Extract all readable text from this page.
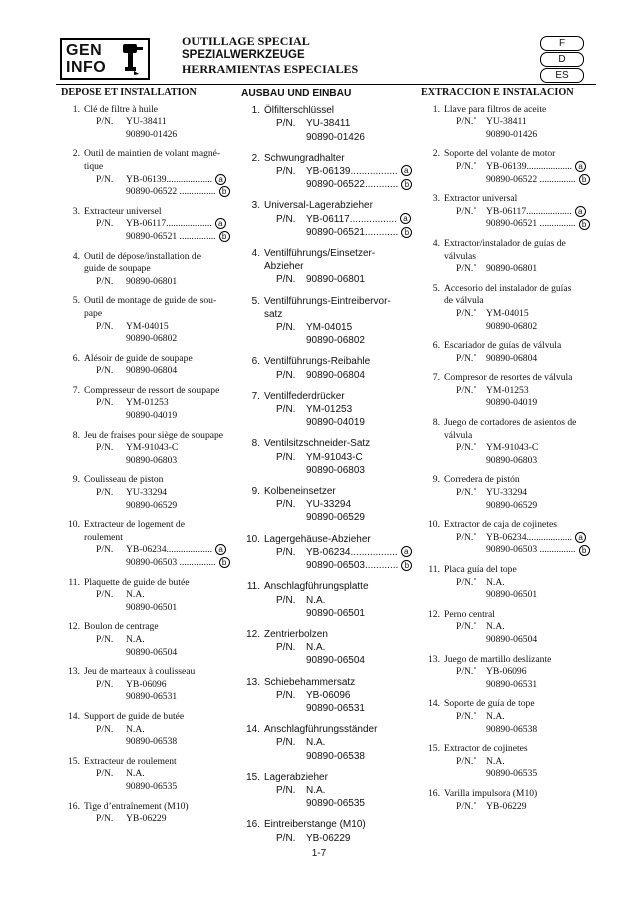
GEN
INFO
OUTILLAGE SPECIAL
SPEZIALWERKZEUGE
HERRAMIENTAS ESPECIALES
F
D
ES
DEPOSE ET INSTALLATION
1. Clé de filtre à huile
P/N.	YU-38411
90890-01426
2. Outil de maintien de volant magné-
tique
P/N.	YB-06139................... a
90890-06522 ............... b
3. Extracteur universel
P/N.	YB-06117................... a
90890-06521 ............... b
4. Outil de dépose/installation de
guide de soupape
P/N.	90890-06801
5. Outil de montage de guide de sou-
pape
P/N.	YM-04015
90890-06802
6. Alésoir de guide de soupape
P/N.	90890-06804
7. Compresseur de ressort de soupape
P/N.	YM-01253
90890-04019
8. Jeu de fraises pour siège de soupape
P/N.	YM-91043-C
90890-06803
9. Coulisseau de piston
P/N.	YU-33294
90890-06529
10. Extracteur de logement de
roulement
P/N.	YB-06234................... a
90890-06503 ............... b
11. Plaquette de guide de butée
P/N.	N.A.
90890-06501
12. Boulon de centrage
P/N.	N.A.
90890-06504
13. Jeu de marteaux à coulisseau
P/N.	YB-06096
90890-06531
14. Support de guide de butée
P/N.	N.A.
90890-06538
15. Extracteur de roulement
P/N.	N.A.
90890-06535
16. Tige d’entraînement (M10)
P/N.	YB-06229
AUSBAU UND EINBAU
1. Ölfilterschlüssel
P/N.	YU-38411
90890-01426
2. Schwungradhalter
P/N.	YB-06139................. a
90890-06522............ b
3. Universal-Lagerabzieher
P/N.	YB-06117................. a
90890-06521............ b
4. Ventilführungs/Einsetzer-
Abzieher
P/N.	90890-06801
5. Ventilführungs-Eintreibervor-
satz
P/N.	YM-04015
90890-06802
6. Ventilführungs-Reibahle
P/N.	90890-06804
7. Ventilfederdrücker
P/N.	YM-01253
90890-04019
8. Ventilsitzschneider-Satz
P/N.	YM-91043-C
90890-06803
9. Kolbeneinsetzer
P/N.	YU-33294
90890-06529
10. Lagergehäuse-Abzieher
P/N.	YB-06234................. a
90890-06503............ b
11. Anschlagführungsplatte
P/N.	N.A.
90890-06501
12. Zentrierbolzen
P/N.	N.A.
90890-06504
13. Schiebehammersatz
P/N.	YB-06096
90890-06531
14. Anschlagführungsständer
P/N.	N.A.
90890-06538
15. Lagerabzieher
P/N.	N.A.
90890-06535
16. Eintreiberstange (M10)
P/N.	YB-06229
EXTRACCION E INSTALACION
1. Llave para filtros de aceite
P/N.˚ YU-38411
90890-01426
2. Soporte del volante de motor
P/N.˚ YB-06139................... a
90890-06522 ............... b
3. Extractor universal
P/N.˚ YB-06117................... a
90890-06521 ............... b
4. Extractor/instalador de guías de
válvulas
P/N.˚ 90890-06801
5. Accesorio del instalador de guías
de válvula
P/N.˚ YM-04015
90890-06802
6. Escariador de guías de válvula
P/N.˚ 90890-06804
7. Compresor de resortes de válvula
P/N.˚ YM-01253
90890-04019
8. Juego de cortadores de asientos de
válvula
P/N.˚ YM-91043-C
90890-06803
9. Corredera de pistón
P/N.˚ YU-33294
90890-06529
10. Extractor de caja de cojinetes
P/N.˚ YB-06234................... a
90890-06503 ............... b
11. Placa guía del tope
P/N.˚ N.A.
90890-06501
12. Perno central
P/N.˚ N.A.
90890-06504
13. Juego de martillo deslizante
P/N.˚ YB-06096
90890-06531
14. Soporte de guía de tope
P/N.˚ N.A.
90890-06538
15. Extractor de cojinetes
P/N.˚ N.A.
90890-06535
16. Varilla impulsora (M10)
P/N.˚ YB-06229
1-7
